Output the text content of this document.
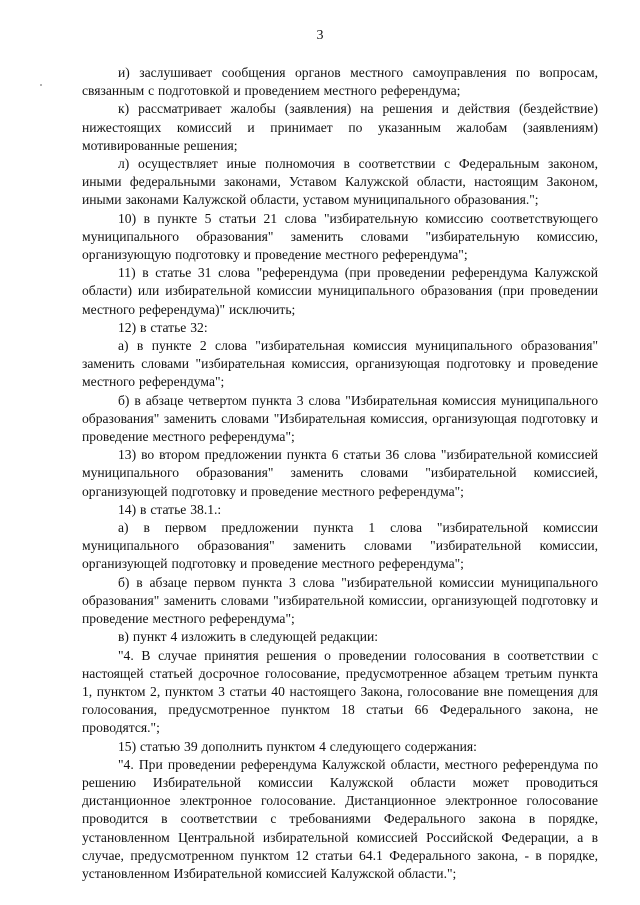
3

и) заслушивает сообщения органов местного самоуправления по вопросам, связанным с подготовкой и проведением местного референдума;

к) рассматривает жалобы (заявления) на решения и действия (бездействие) нижестоящих комиссий и принимает по указанным жалобам (заявлениям) мотивированные решения;

л) осуществляет иные полномочия в соответствии с Федеральным законом, иными федеральными законами, Уставом Калужской области, настоящим Законом, иными законами Калужской области, уставом муниципального образования.";

10) в пункте 5 статьи 21 слова "избирательную комиссию соответствующего муниципального образования" заменить словами "избирательную комиссию, организующую подготовку и проведение местного референдума";

11) в статье 31 слова "референдума (при проведении референдума Калужской области) или избирательной комиссии муниципального образования (при проведении местного референдума)" исключить;

12) в статье 32:

а) в пункте 2 слова "избирательная комиссия муниципального образования" заменить словами "избирательная комиссия, организующая подготовку и проведение местного референдума";

б) в абзаце четвертом пункта 3 слова "Избирательная комиссия муниципального образования" заменить словами "Избирательная комиссия, организующая подготовку и проведение местного референдума";

13) во втором предложении пункта 6 статьи 36 слова "избирательной комиссией муниципального образования" заменить словами "избирательной комиссией, организующей подготовку и проведение местного референдума";

14) в статье 38.1.:

а) в первом предложении пункта 1 слова "избирательной комиссии муниципального образования" заменить словами "избирательной комиссии, организующей подготовку и проведение местного референдума";

б) в абзаце первом пункта 3 слова "избирательной комиссии муниципального образования" заменить словами "избирательной комиссии, организующей подготовку и проведение местного референдума";

в) пункт 4 изложить в следующей редакции:

"4. В случае принятия решения о проведении голосования в соответствии с настоящей статьей досрочное голосование, предусмотренное абзацем третьим пункта 1, пунктом 2, пунктом 3 статьи 40 настоящего Закона, голосование вне помещения для голосования, предусмотренное пунктом 18 статьи 66 Федерального закона, не проводятся.";

15) статью 39 дополнить пунктом 4 следующего содержания:

"4. При проведении референдума Калужской области, местного референдума по решению Избирательной комиссии Калужской области может проводиться дистанционное электронное голосование. Дистанционное электронное голосование проводится в соответствии с требованиями Федерального закона в порядке, установленном Центральной избирательной комиссией Российской Федерации, а в случае, предусмотренном пунктом 12 статьи 64.1 Федерального закона, - в порядке, установленном Избирательной комиссией Калужской области.";
